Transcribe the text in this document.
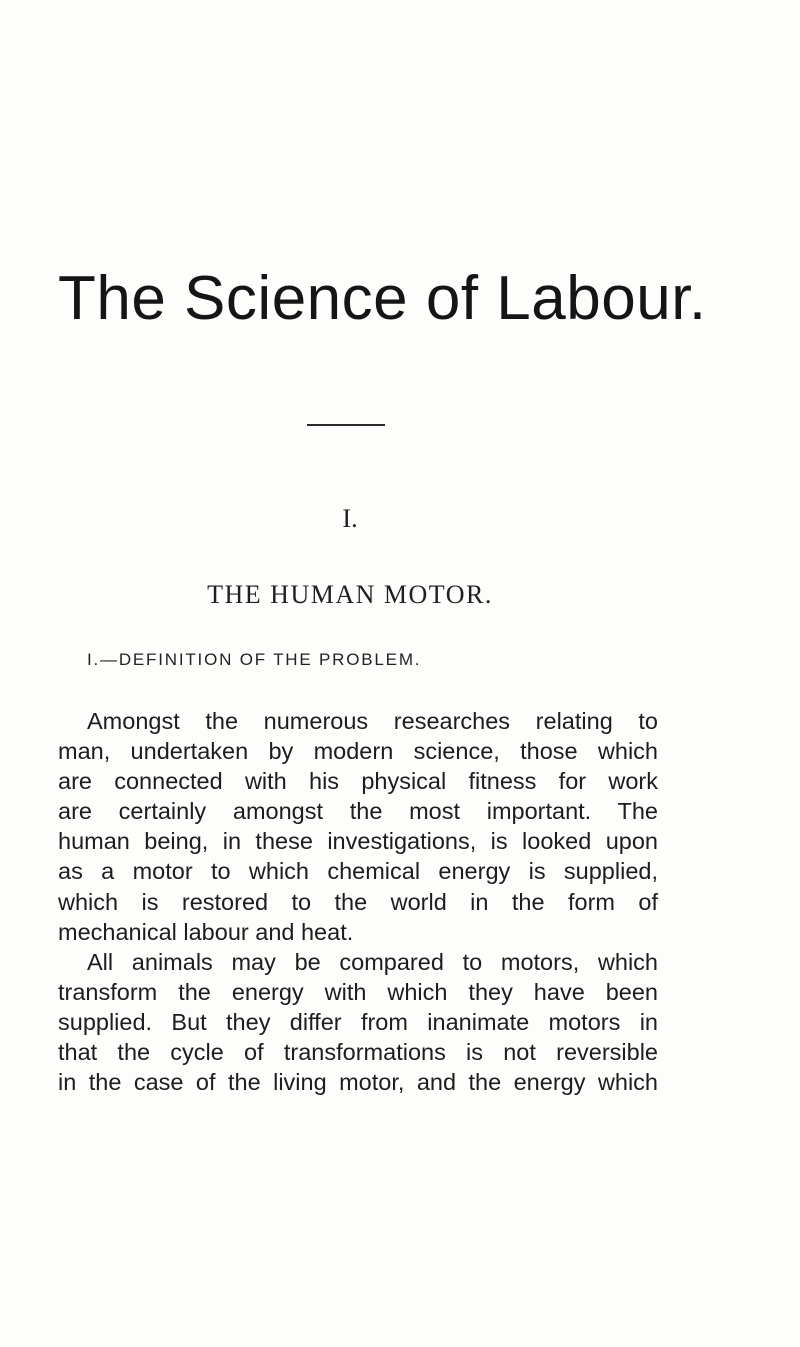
The Science of Labour.
I.
THE HUMAN MOTOR.
I.—DEFINITION OF THE PROBLEM.
Amongst the numerous researches relating to
man, undertaken by modern science, those which
are connected with his physical fitness for work
are certainly amongst the most important. The
human being, in these investigations, is looked upon
as a motor to which chemical energy is supplied,
which is restored to the world in the form of
mechanical labour and heat.
All animals may be compared to motors, which
transform the energy with which they have been
supplied. But they differ from inanimate motors in
that the cycle of transformations is not reversible
in the case of the living motor, and the energy which
